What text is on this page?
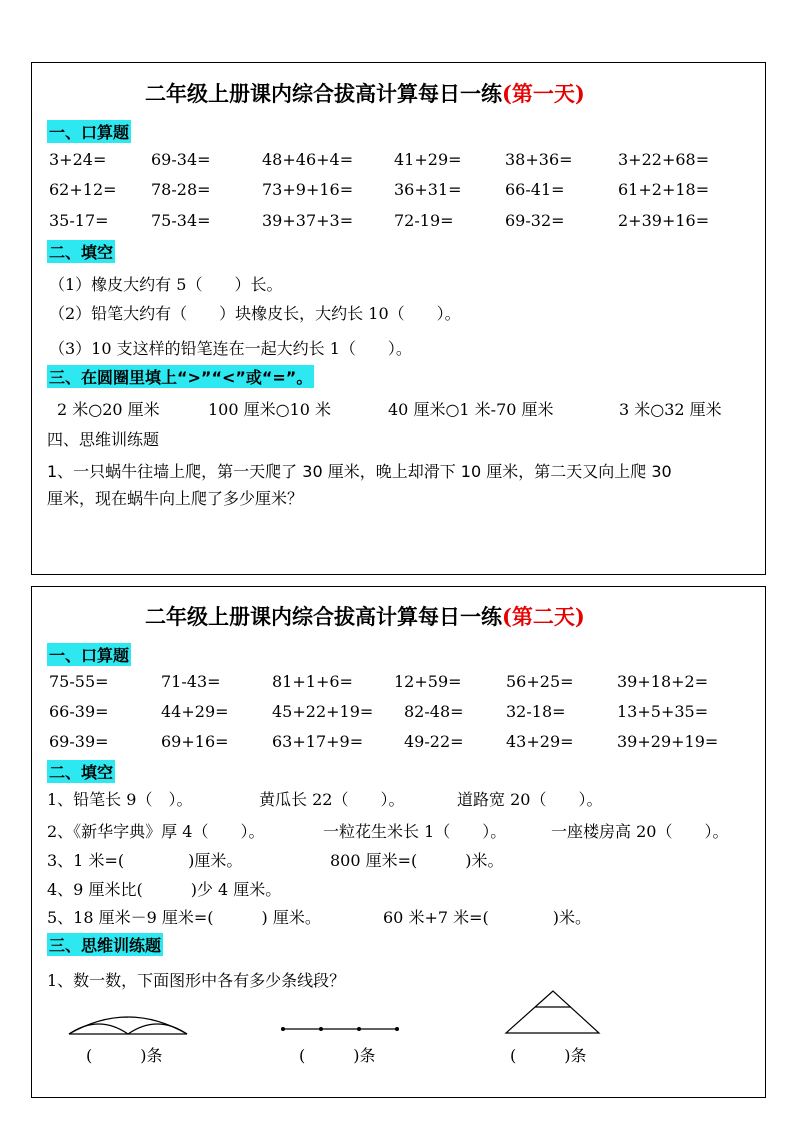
二年级上册课内综合拔高计算每日一练(第一天)
一、口算题
3+24=	69-34=	48+46+4=	41+29=	38+36=	3+22+68=
62+12= 78-28=	73+9+16=	36+31=	66-41=	61+2+18=
35-17=	75-34=	39+37+3=	72-19=	69-32=	2+39+16=
二、填空
（1）橡皮大约有 5（　　）长。
（2）铅笔大约有（　　）块橡皮长，大约长 10（　　）。
（3）10 支这样的铅笔连在一起大约长 1（　　）。
三、在圆圈里填上“>”“<”或“=”。
2 米○20 厘米	100 厘米○10 米	40 厘米○1 米-70 厘米	3 米○32 厘米
四、思维训练题
1、一只蜗牛往墙上爬，第一天爬了 30 厘米，晚上却滑下 10 厘米，第二天又向上爬 30
厘米，现在蜗牛向上爬了多少厘米？
二年级上册课内综合拔高计算每日一练(第二天)
一、口算题
75-55=	71-43=	81+1+6=	12+59=	56+25=	39+18+2=
66-39=	44+29=	45+22+19= 82-48=	32-18=	13+5+35=
69-39=	69+16=	63+17+9=	49-22=	43+29=	39+29+19=
二、填空
1、铅笔长 9（　）。	黄瓜长 22（　　）。	道路宽 20（　　）。
2、《新华字典》厚 4（　　）。	一粒花生米长 1（　　）。	一座楼房高 20（　　）。
3、1 米=(　　　　)厘米。	800 厘米=(　　　)米。
4、9 厘米比(　　　)少 4 厘米。
5、18 厘米－9 厘米=(　　　) 厘米。	60 米+7 米=(　　　　)米。
三、思维训练题
1、数一数，下面图形中各有多少条线段？
(　　　)条	(　　　)条	(　　　)条
